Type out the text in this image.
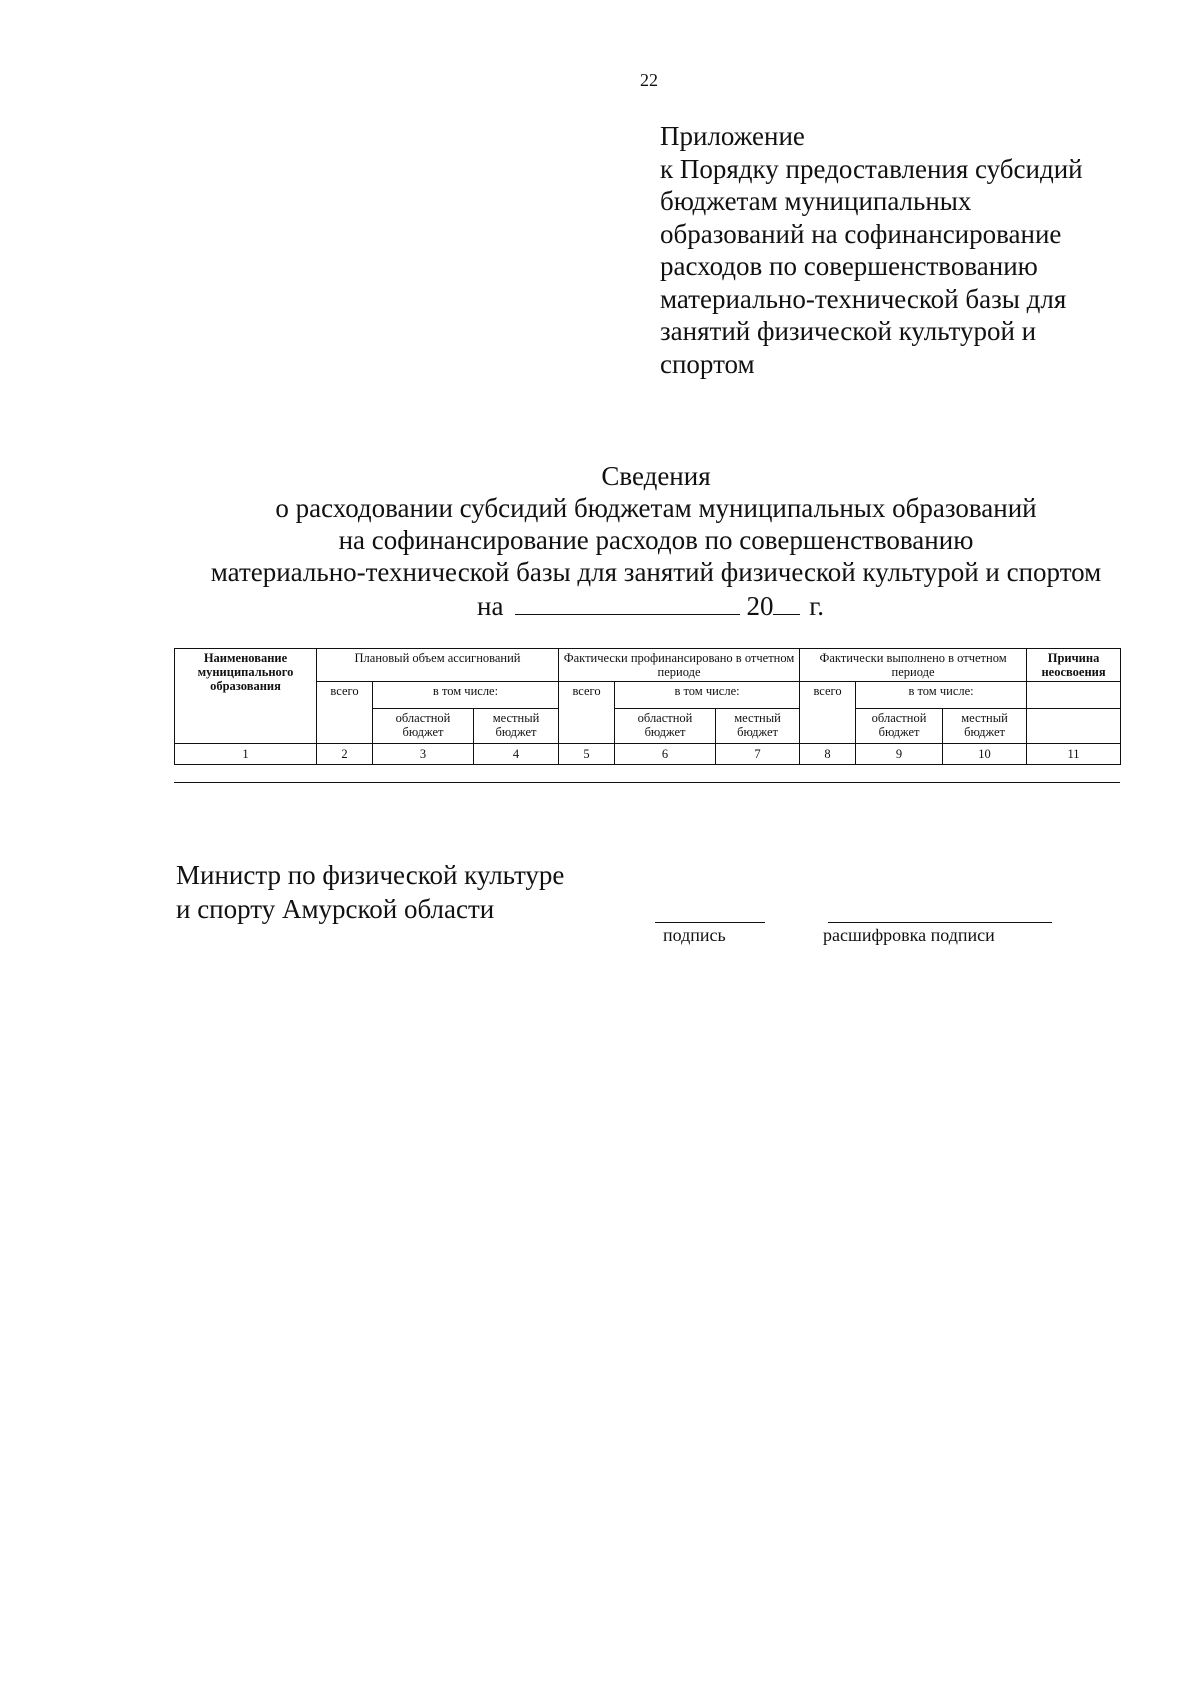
22
Приложение
к Порядку предоставления субсидий
бюджетам муниципальных
образований на софинансирование
расходов по совершенствованию
материально-технической базы для
занятий физической культурой и
спортом
Сведения
о расходовании субсидий бюджетам муниципальных образований
на софинансирование расходов по совершенствованию
материально-технической базы для занятий физической культурой и спортом
на	20 г.
Наименование муниципального образования	Плановый объем ассигнований			Фактически профинансировано в отчетном периоде			Фактически выполнено в отчетном периоде			Причина неосвоения
	всего	в том числе:		всего	в том числе:		всего	в том числе:		
		областной бюджет	местный бюджет		областной бюджет	местный бюджет		областной бюджет	местный бюджет	
1	2	3	4	5	6	7	8	9	10	11
Министр по физической культуре
и спорту Амурской области
подпись	расшифровка подписи
